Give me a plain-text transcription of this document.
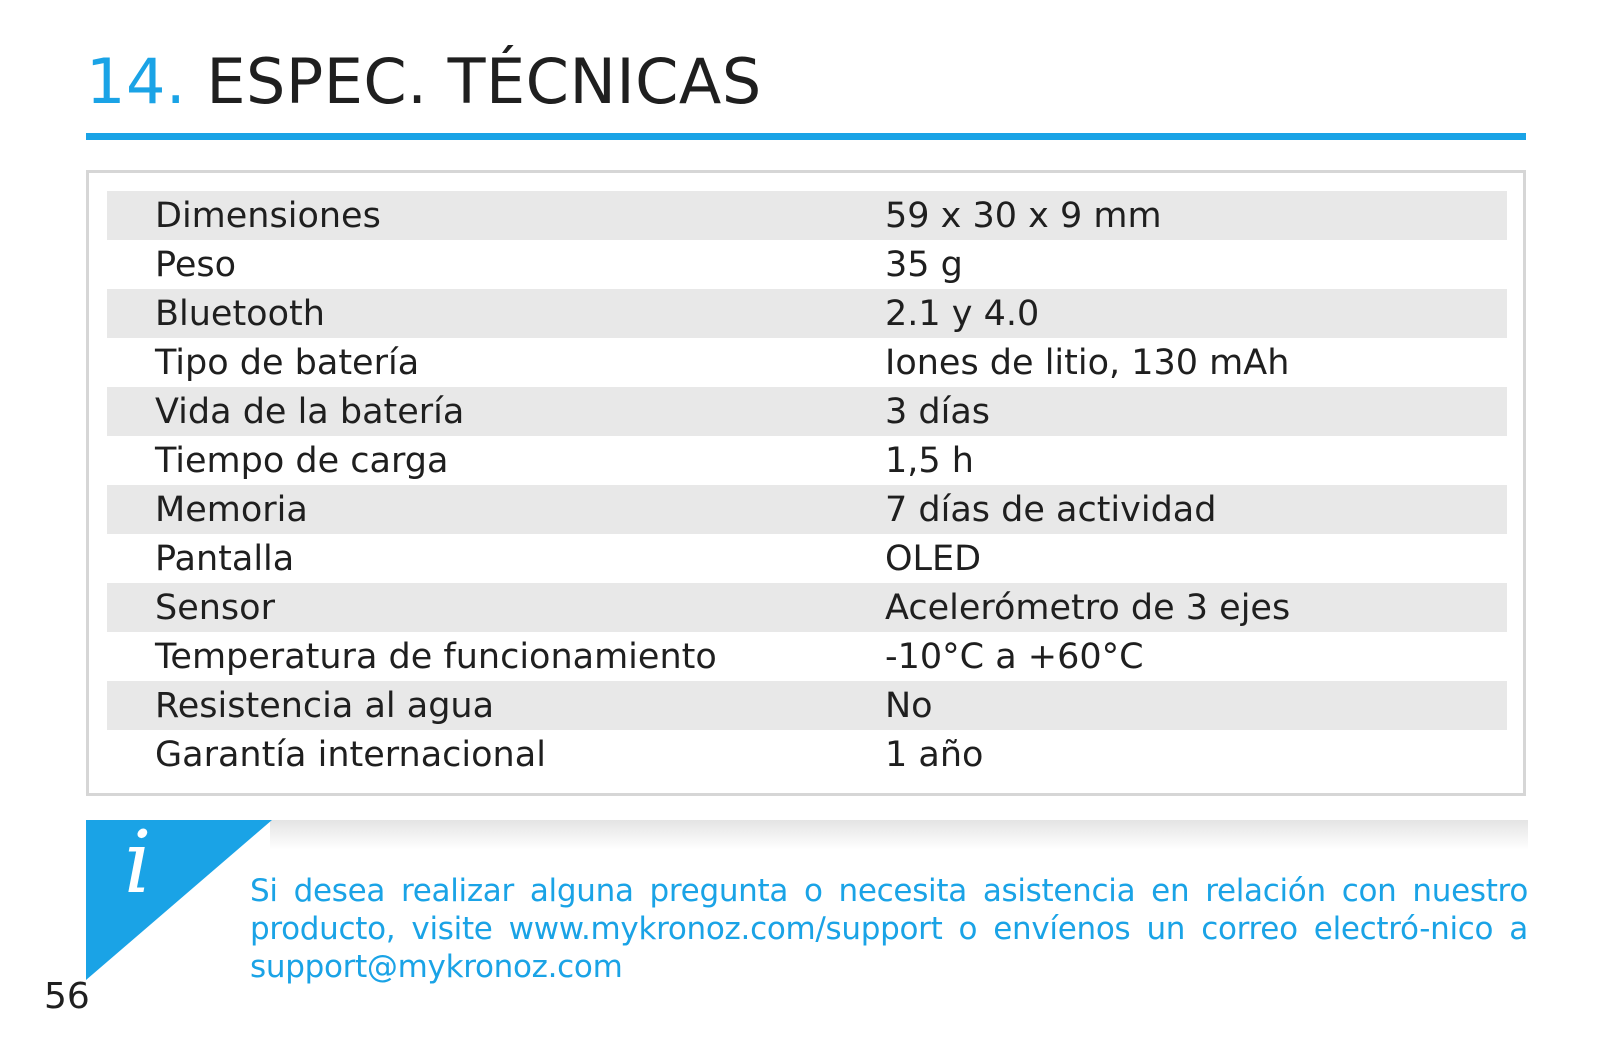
14. ESPEC. TÉCNICAS
Dimensiones	59 x 30 x 9 mm
Peso	35 g
Bluetooth	2.1 y 4.0
Tipo de batería	Iones de litio, 130 mAh
Vida de la batería	3 días
Tiempo de carga	1,5 h
Memoria	7 días de actividad
Pantalla	OLED
Sensor	Acelerómetro de 3 ejes
Temperatura de funcionamiento	-10°C a +60°C
Resistencia al agua	No
Garantía internacional	1 año
i	Si desea realizar alguna pregunta o necesita asistencia en relación con nuestro producto, visite www.mykronoz.com/support o envíenos un correo electró-nico a support@mykronoz.com
56
